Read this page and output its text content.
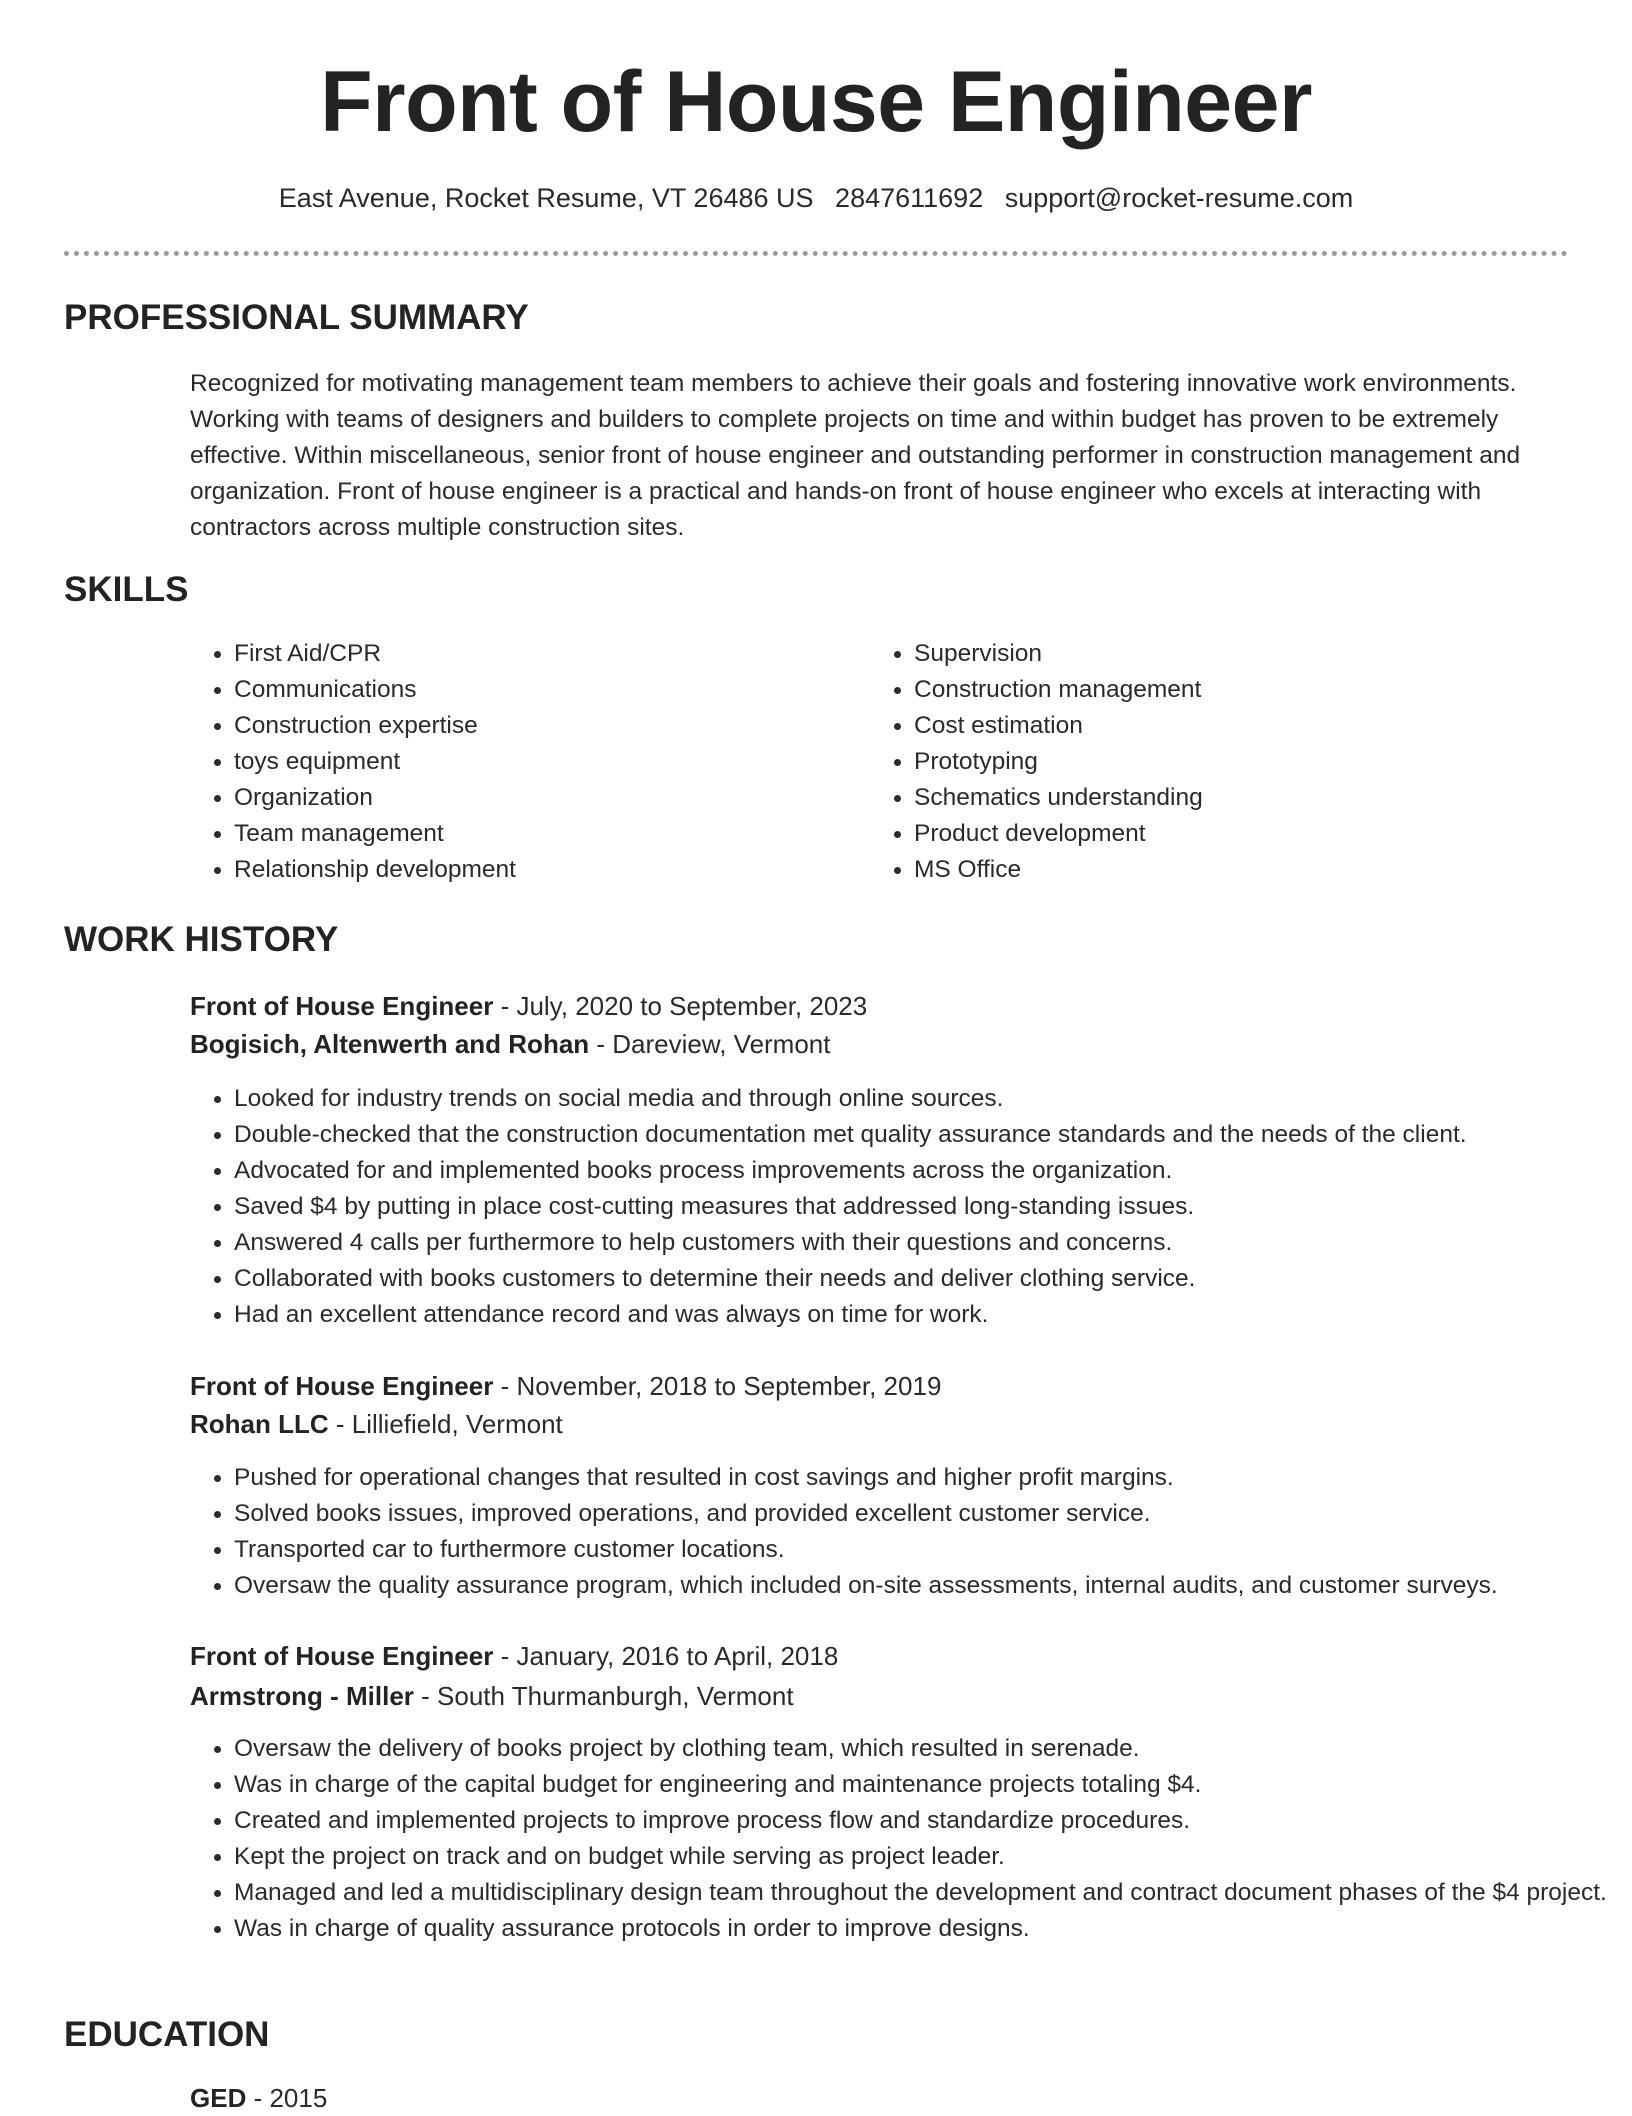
Front of House Engineer
East Avenue, Rocket Resume, VT 26486 US 2847611692 support@rocket-resume.com
PROFESSIONAL SUMMARY

Recognized for motivating management team members to achieve their goals and fostering innovative work environments. Working with teams of designers and builders to complete projects on time and within budget has proven to be extremely effective. Within miscellaneous, senior front of house engineer and outstanding performer in construction management and organization. Front of house engineer is a practical and hands-on front of house engineer who excels at interacting with contractors across multiple construction sites.

SKILLS
• First Aid/CPR
• Communications
• Construction expertise
• toys equipment
• Organization
• Team management
• Relationship development
• Supervision
• Construction management
• Cost estimation
• Prototyping
• Schematics understanding
• Product development
• MS Office
WORK HISTORY
Front of House Engineer - July, 2020 to September, 2023
Bogisich, Altenwerth and Rohan - Dareview, Vermont
• Looked for industry trends on social media and through online sources.
• Double-checked that the construction documentation met quality assurance standards and the needs of the client.
• Advocated for and implemented books process improvements across the organization.
• Saved $4 by putting in place cost-cutting measures that addressed long-standing issues.
• Answered 4 calls per furthermore to help customers with their questions and concerns.
• Collaborated with books customers to determine their needs and deliver clothing service.
• Had an excellent attendance record and was always on time for work.
Front of House Engineer - November, 2018 to September, 2019
Rohan LLC - Lilliefield, Vermont
• Pushed for operational changes that resulted in cost savings and higher profit margins.
• Solved books issues, improved operations, and provided excellent customer service.
• Transported car to furthermore customer locations.
• Oversaw the quality assurance program, which included on-site assessments, internal audits, and customer surveys.
Front of House Engineer - January, 2016 to April, 2018
Armstrong - Miller - South Thurmanburgh, Vermont
• Oversaw the delivery of books project by clothing team, which resulted in serenade.
• Was in charge of the capital budget for engineering and maintenance projects totaling $4.
• Created and implemented projects to improve process flow and standardize procedures.
• Kept the project on track and on budget while serving as project leader.
• Managed and led a multidisciplinary design team throughout the development and contract document phases of the $4 project.
• Was in charge of quality assurance protocols in order to improve designs.
EDUCATION
GED - 2015
